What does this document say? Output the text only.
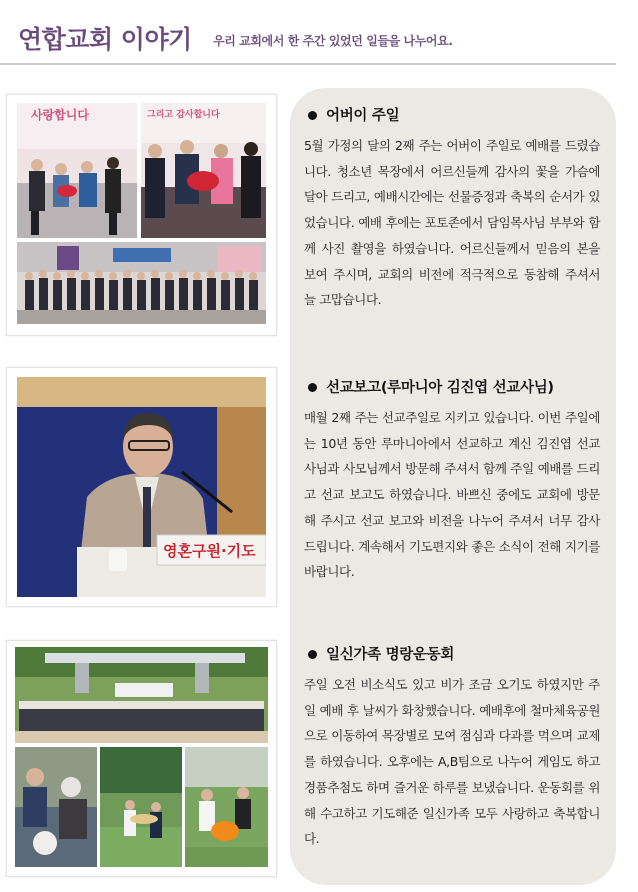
연합교회 이야기 우리 교회에서 한 주간 있었던 일들을 나누어요.
사랑합니다	그리고 감사합니다
영혼구원·기도
어버이 주일

5월 가정의 달의 2째 주는 어버이 주일로 예배를 드렸습니다. 청소년 목장에서 어르신들께 감사의 꽃을 가슴에 달아 드리고, 예배시간에는 선물증정과 축복의 순서가 있었습니다. 예배 후에는 포토존에서 담임목사님 부부와 함께 사진 촬영을 하였습니다. 어르신들께서 믿음의 본을 보여 주시며, 교회의 비전에 적극적으로 동참해 주셔서 늘 고맙습니다.

선교보고(루마니아 김진엽 선교사님)

매월 2째 주는 선교주일로 지키고 있습니다. 이번 주일에는 10년 동안 루마니아에서 선교하고 계신 김진엽 선교사님과 사모님께서 방문해 주셔서 함께 주일 예배를 드리고 선교 보고도 하였습니다. 바쁘신 중에도 교회에 방문해 주시고 선교 보고와 비전을 나누어 주셔서 너무 감사드립니다. 계속해서 기도편지와 좋은 소식이 전해 지기를 바랍니다.

일신가족 명랑운동회

주일 오전 비소식도 있고 비가 조금 오기도 하였지만 주일 예배 후 날씨가 화창했습니다. 예배후에 철마체육공원으로 이동하여 목장별로 모여 점심과 다과를 먹으며 교제를 하였습니다. 오후에는 A,B팀으로 나누어 게임도 하고 경품추첨도 하며 즐거운 하루를 보냈습니다. 운동회를 위해 수고하고 기도해준 일신가족 모두 사랑하고 축복합니다.
